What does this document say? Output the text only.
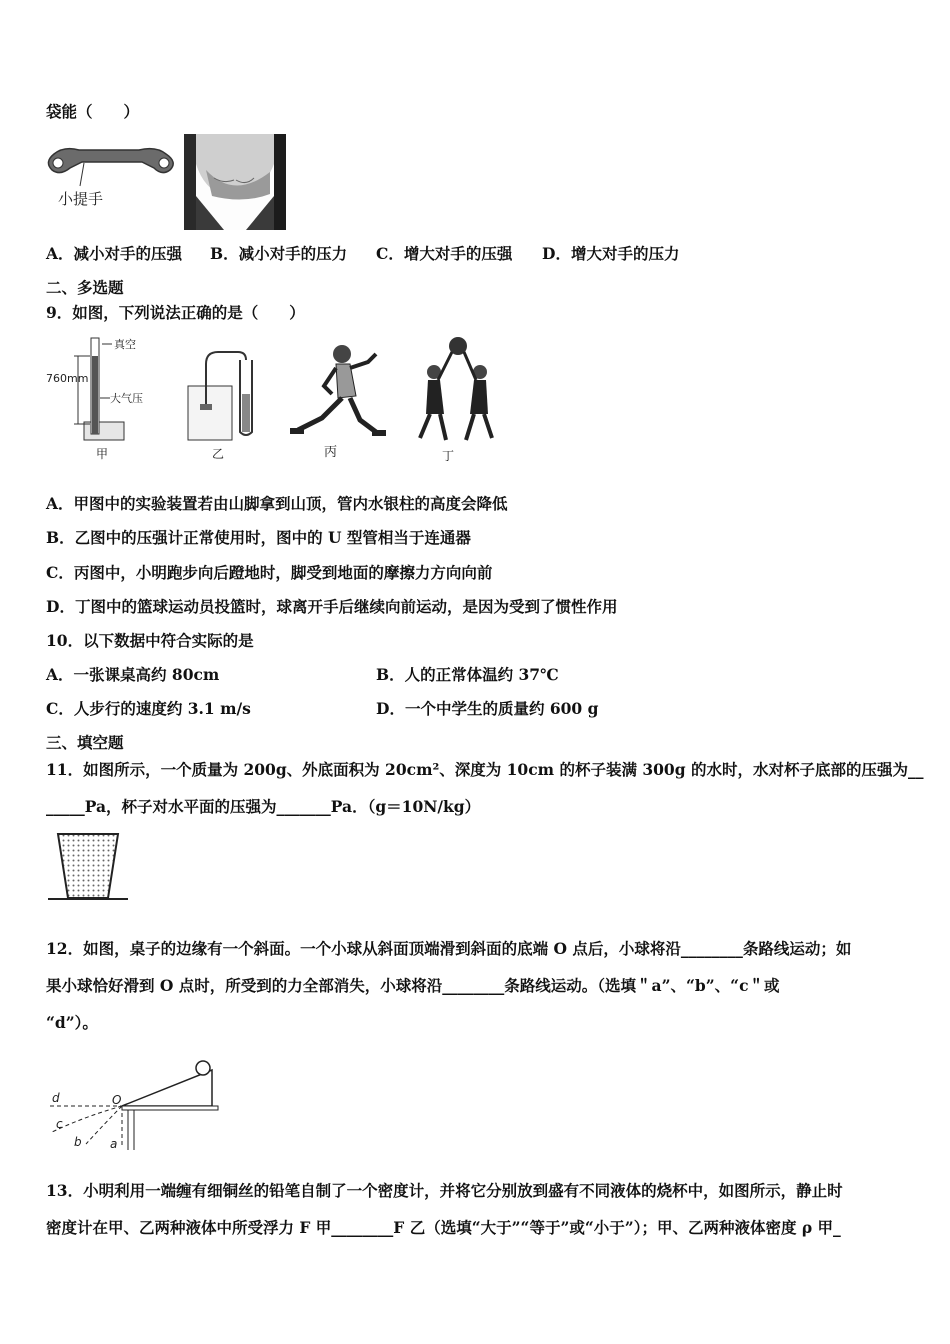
袋能（　　）
小提手
A．减小对手的压强 B．减小对手的压力 C．增大对手的压强 D．增大对手的压力
二、多选题
9．如图，下列说法正确的是（　　）
760mm
真空
大气压
甲	乙	丙	丁
A．甲图中的实验装置若由山脚拿到山顶，管内水银柱的高度会降低
B．乙图中的压强计正常使用时，图中的 U 型管相当于连通器
C．丙图中，小明跑步向后蹬地时，脚受到地面的摩擦力方向向前
D．丁图中的篮球运动员投篮时，球离开手后继续向前运动，是因为受到了惯性作用
10．以下数据中符合实际的是
A．一张课桌高约 80cm	B．人的正常体温约 37℃
C．人步行的速度约 3.1 m/s	D．一个中学生的质量约 600 g
三、填空题
11．如图所示，一个质量为 200g、外底面积为 20cm²、深度为 10cm 的杯子装满 300g 的水时，水对杯子底部的压强为__
_____Pa，杯子对水平面的压强为_______Pa．（g＝10N/kg）
12．如图，桌子的边缘有一个斜面。一个小球从斜面顶端滑到斜面的底端 O 点后，小球将沿________条路线运动；如
果小球恰好滑到 O 点时，所受到的力全部消失，小球将沿________条路线运动。（选填＂a”、“b”、“c＂或
“d”）。
d	O
c
b a
13．小明利用一端缠有细铜丝的铅笔自制了一个密度计，并将它分别放到盛有不同液体的烧杯中，如图所示，静止时
密度计在甲、乙两种液体中所受浮力 F 甲________F 乙（选填“大于”“等于”或“小于”）；甲、乙两种液体密度 ρ 甲_
